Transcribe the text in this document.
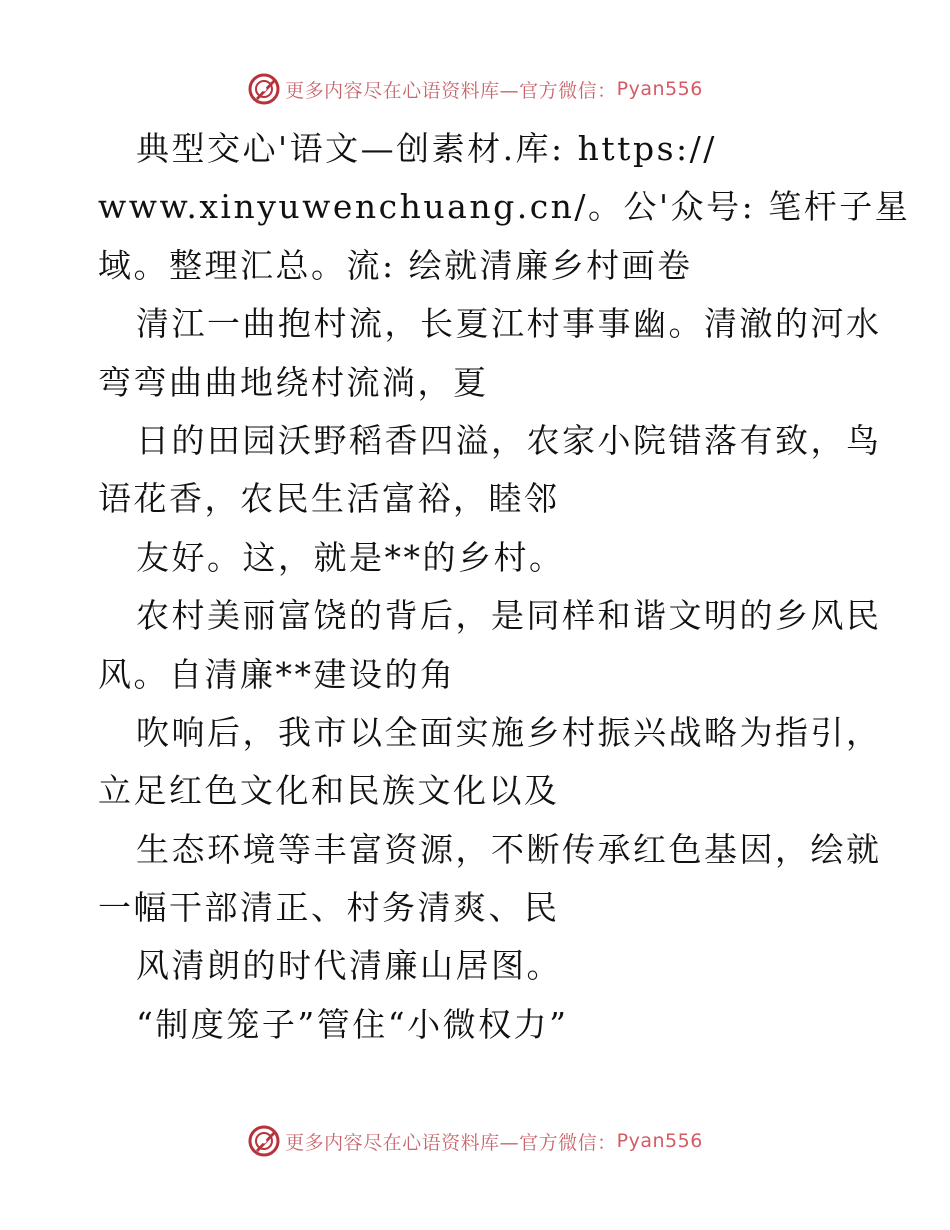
更多内容尽在心语资料库—官方微信： Pyan556
典型交心'语文—创素材.库: https://
www.xinyuwenchuang.cn/。公'众号: 笔杆子星
域。整理汇总。流: 绘就清廉乡村画卷
清江一曲抱村流，长夏江村事事幽。清澈的河水
弯弯曲曲地绕村流淌，夏
日的田园沃野稻香四溢，农家小院错落有致，鸟
语花香，农民生活富裕，睦邻
友好。这，就是**的乡村。
农村美丽富饶的背后，是同样和谐文明的乡风民
风。自清廉**建设的角
吹响后，我市以全面实施乡村振兴战略为指引，
立足红色文化和民族文化以及
生态环境等丰富资源，不断传承红色基因，绘就
一幅干部清正、村务清爽、民
风清朗的时代清廉山居图。
“制度笼子”管住“小微权力”
更多内容尽在心语资料库—官方微信： Pyan556
